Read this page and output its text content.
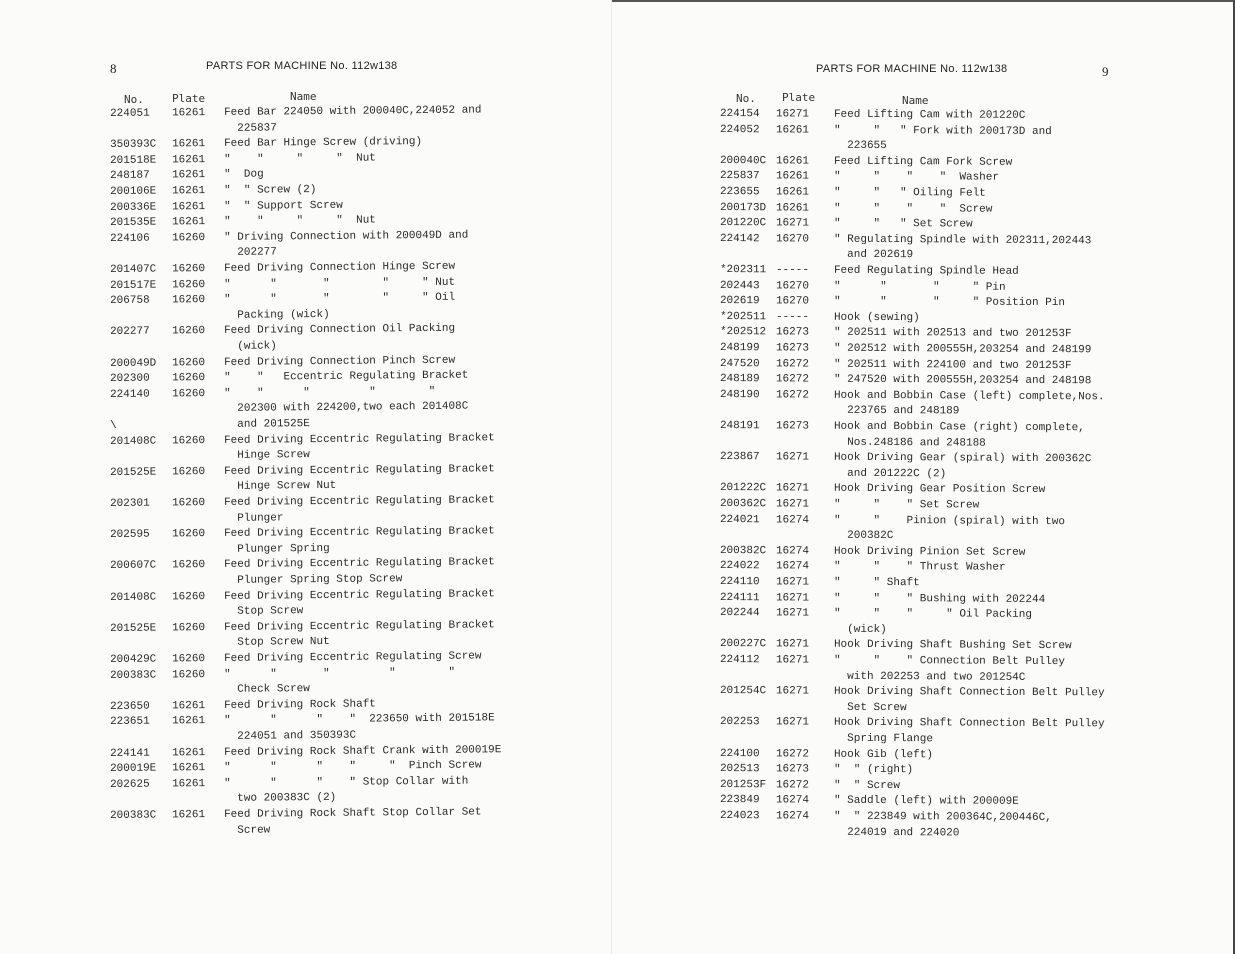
8	PARTS FOR MACHINE No. 112w138
No.	Plate	Name
224051 16261 Feed Bar 224050 with 200040C,224052 and
225837
350393C 16261 Feed Bar Hinge Screw (driving)
201518E 16261 "    "     "     "  Nut
248187 16261 "  Dog
200106E 16261 "  " Screw (2)
200336E 16261 "  " Support Screw
201535E 16261 "    "     "     "  Nut
224106 16260 " Driving Connection with 200049D and
202277
201407C 16260 Feed Driving Connection Hinge Screw
201517E 16260 "      "       "        "     " Nut
206758 16260 "      "       "        "     " Oil
Packing (wick)
202277 16260 Feed Driving Connection Oil Packing
(wick)
200049D 16260 Feed Driving Connection Pinch Screw
202300 16260 "    "   Eccentric Regulating Bracket
224140 16260 "    "      "         "        "
202300 with 224200,two each 201408C
\	and 201525E
201408C 16260 Feed Driving Eccentric Regulating Bracket
Hinge Screw
201525E 16260 Feed Driving Eccentric Regulating Bracket
Hinge Screw Nut
202301 16260 Feed Driving Eccentric Regulating Bracket
Plunger
202595 16260 Feed Driving Eccentric Regulating Bracket
Plunger Spring
200607C 16260 Feed Driving Eccentric Regulating Bracket
Plunger Spring Stop Screw
201408C 16260 Feed Driving Eccentric Regulating Bracket
Stop Screw
201525E 16260 Feed Driving Eccentric Regulating Bracket
Stop Screw Nut
200429C 16260 Feed Driving Eccentric Regulating Screw
200383C 16260 "      "       "         "        "
Check Screw
223650 16261 Feed Driving Rock Shaft
223651 16261 "      "      "    "  223650 with 201518E
224051 and 350393C
224141 16261 Feed Driving Rock Shaft Crank with 200019E
200019E 16261 "      "      "    "     "  Pinch Screw
202625 16261 "      "      "    " Stop Collar with
two 200383C (2)
200383C 16261 Feed Driving Rock Shaft Stop Collar Set
Screw
9
PARTS FOR MACHINE No. 112w138
No. Plate	Name
224154 16271 Feed Lifting Cam with 201220C
224052 16261 "     "   " Fork with 200173D and
223655
200040C 16261 Feed Lifting Cam Fork Screw
225837 16261 "     "    "    "  Washer
223655 16261 "     "   " Oiling Felt
200173D 16261 "     "    "    "  Screw
201220C 16271 "     "   " Set Screw
224142 16270 " Regulating Spindle with 202311,202443
and 202619
*202311 ----- Feed Regulating Spindle Head
202443 16270 "      "       "     " Pin
202619 16270 "      "       "     " Position Pin
*202511 ----- Hook (sewing)
*202512 16273 " 202511 with 202513 and two 201253F
248199 16273 " 202512 with 200555H,203254 and 248199
247520 16272 " 202511 with 224100 and two 201253F
248189 16272 " 247520 with 200555H,203254 and 248198
248190 16272 Hook and Bobbin Case (left) complete,Nos.
223765 and 248189
248191 16273 Hook and Bobbin Case (right) complete,
Nos.248186 and 248188
223867 16271 Hook Driving Gear (spiral) with 200362C
and 201222C (2)
201222C 16271 Hook Driving Gear Position Screw
200362C 16271 "     "    " Set Screw
224021 16274 "     "    Pinion (spiral) with two
200382C
200382C 16274 Hook Driving Pinion Set Screw
224022 16274 "     "    " Thrust Washer
224110 16271 "     " Shaft
224111 16271 "     "    " Bushing with 202244
202244 16271 "     "    "     " Oil Packing
(wick)
200227C 16271 Hook Driving Shaft Bushing Set Screw
224112 16271 "     "    " Connection Belt Pulley
with 202253 and two 201254C
201254C 16271 Hook Driving Shaft Connection Belt Pulley
Set Screw
202253 16271 Hook Driving Shaft Connection Belt Pulley
Spring Flange
224100 16272 Hook Gib (left)
202513 16273 "  " (right)
201253F 16272 "  " Screw
223849 16274 " Saddle (left) with 200009E
224023 16274 "  " 223849 with 200364C,200446C,
224019 and 224020
